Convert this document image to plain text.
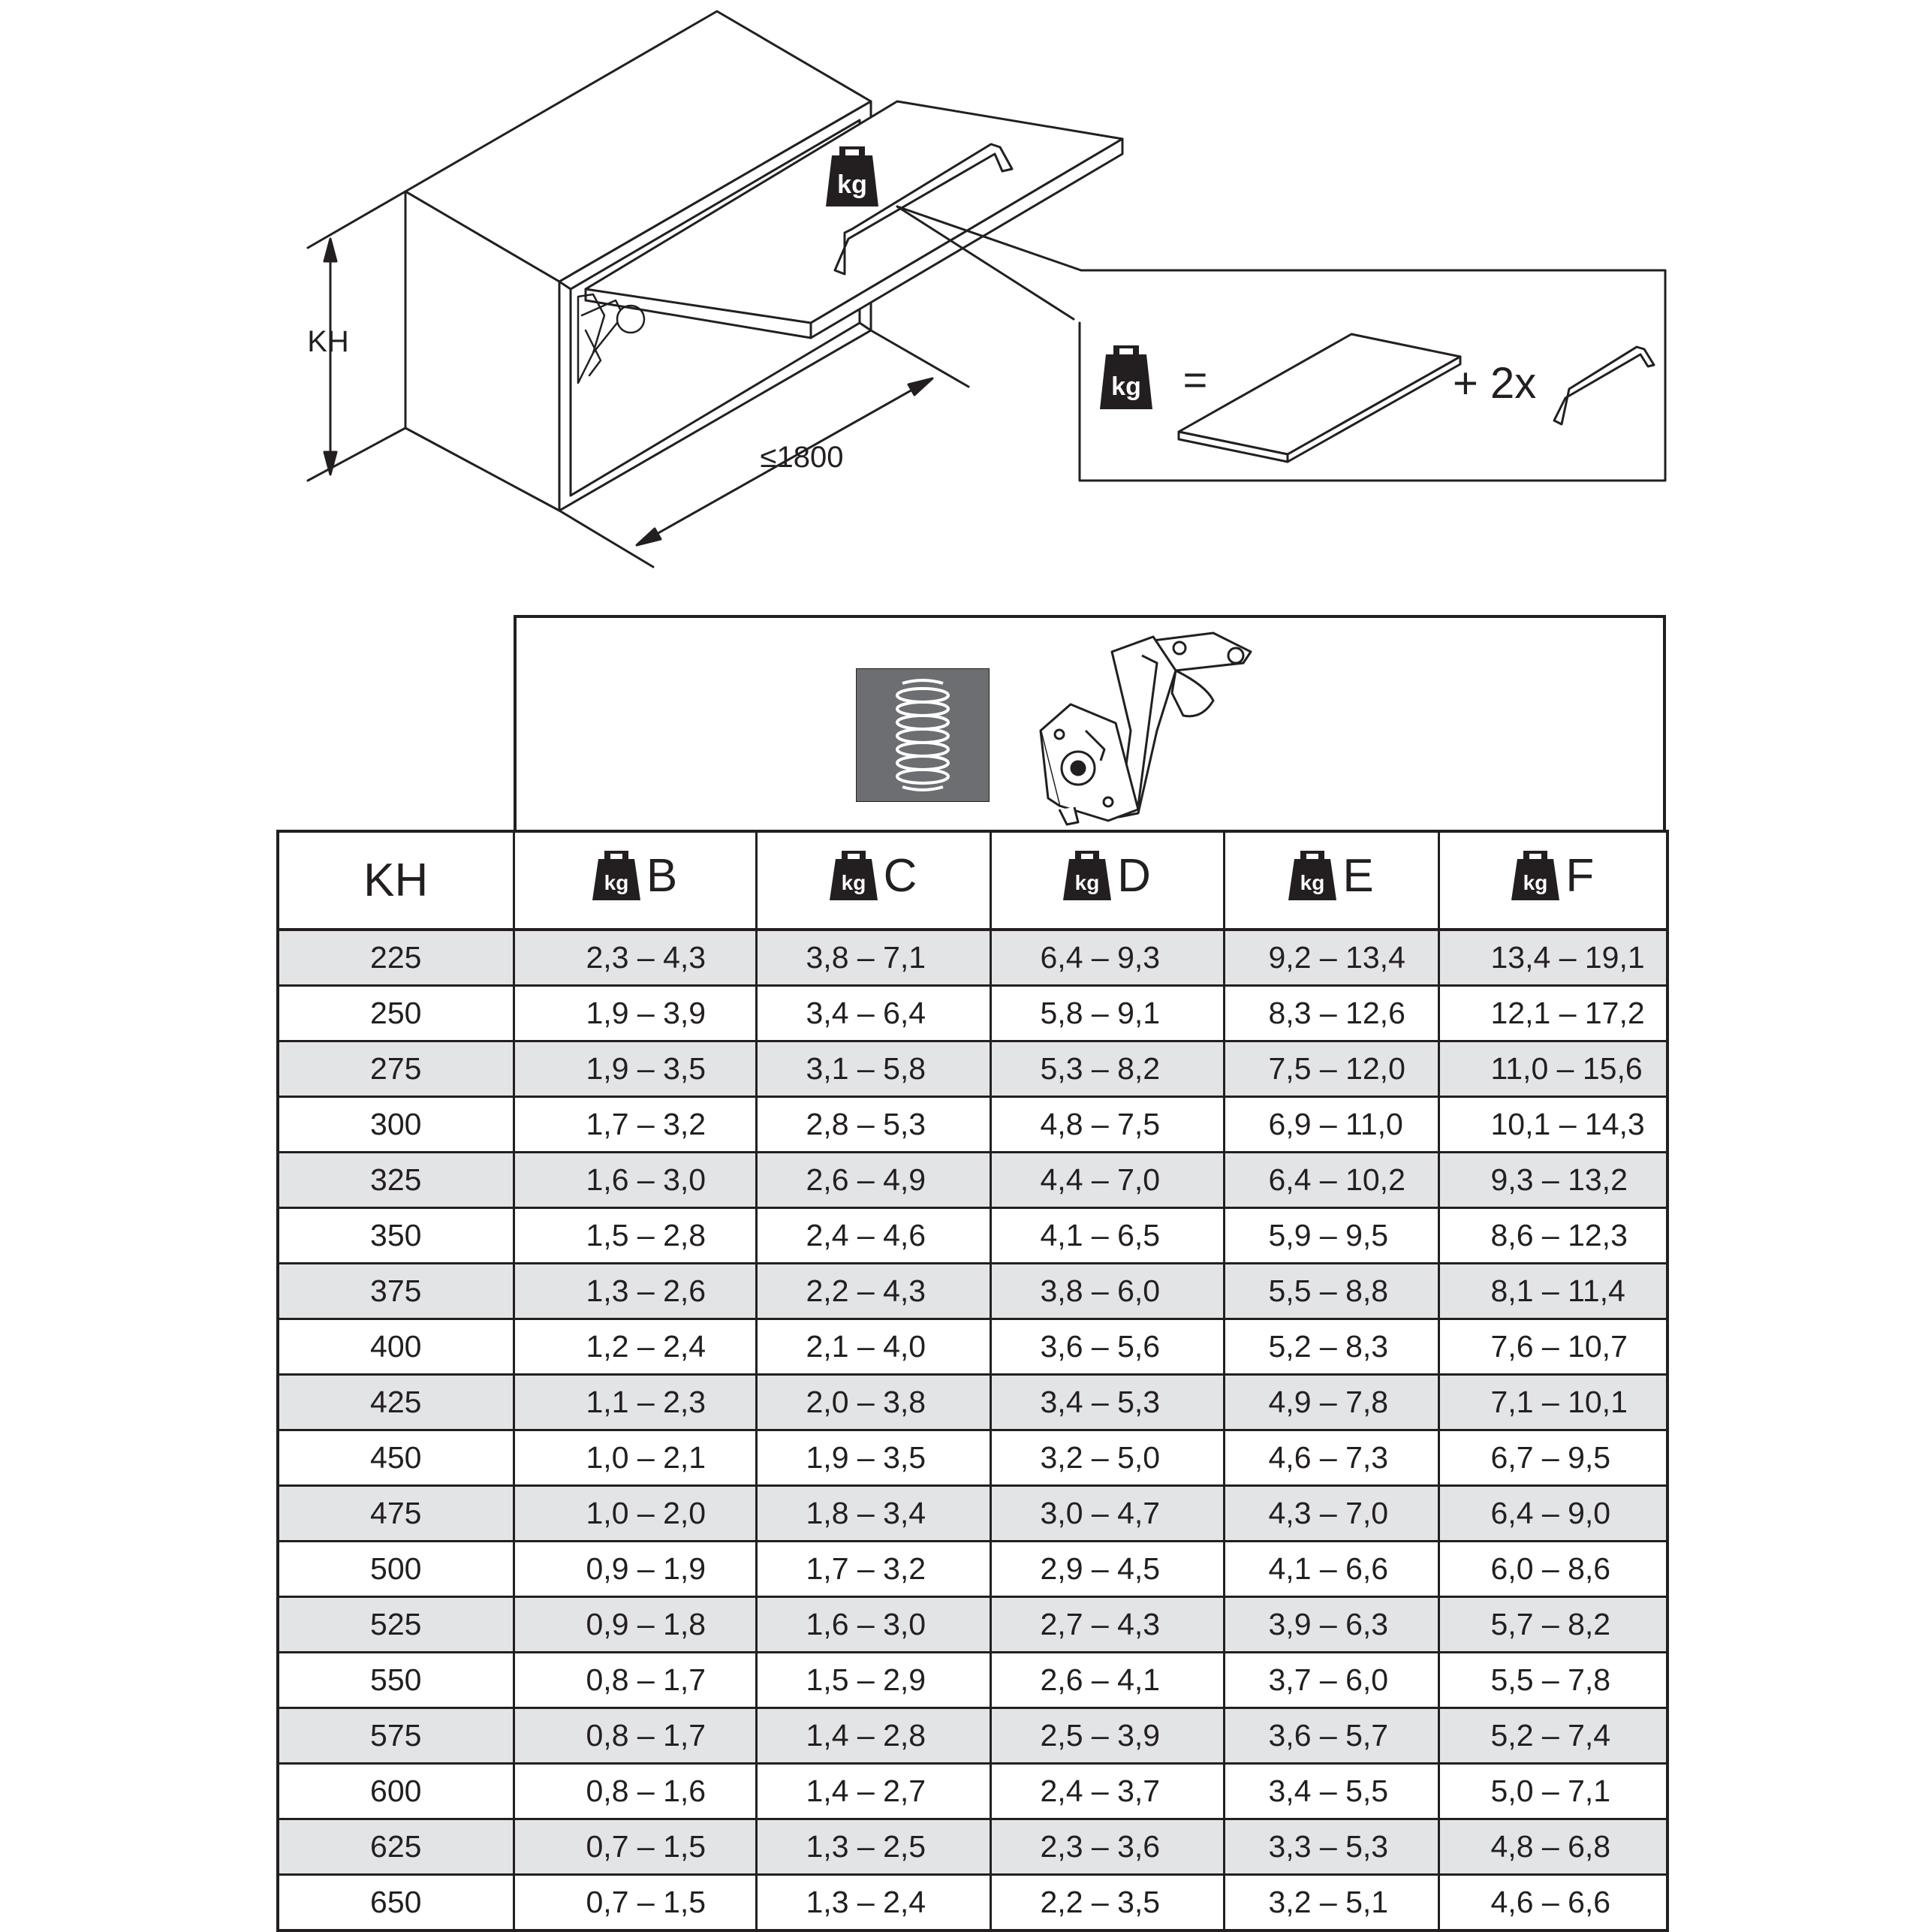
kg
kg
KH
≤1800
=	+ 2x
KH	kg B	kg C	kg D	kg E	kg F

225	2,3 – 4,3	3,8 – 7,1	6,4 – 9,3	9,2 – 13,4	13,4 – 19,1
250	1,9 – 3,9	3,4 – 6,4	5,8 – 9,1	8,3 – 12,6	12,1 – 17,2
275	1,9 – 3,5	3,1 – 5,8	5,3 – 8,2	7,5 – 12,0	11,0 – 15,6
300	1,7 – 3,2	2,8 – 5,3	4,8 – 7,5	6,9 – 11,0	10,1 – 14,3
325	1,6 – 3,0	2,6 – 4,9	4,4 – 7,0	6,4 – 10,2	9,3 – 13,2
350	1,5 – 2,8	2,4 – 4,6	4,1 – 6,5	5,9 – 9,5	8,6 – 12,3
375	1,3 – 2,6	2,2 – 4,3	3,8 – 6,0	5,5 – 8,8	8,1 – 11,4
400	1,2 – 2,4	2,1 – 4,0	3,6 – 5,6	5,2 – 8,3	7,6 – 10,7
425	1,1 – 2,3	2,0 – 3,8	3,4 – 5,3	4,9 – 7,8	7,1 – 10,1
450	1,0 – 2,1	1,9 – 3,5	3,2 – 5,0	4,6 – 7,3	6,7 – 9,5
475	1,0 – 2,0	1,8 – 3,4	3,0 – 4,7	4,3 – 7,0	6,4 – 9,0
500	0,9 – 1,9	1,7 – 3,2	2,9 – 4,5	4,1 – 6,6	6,0 – 8,6
525	0,9 – 1,8	1,6 – 3,0	2,7 – 4,3	3,9 – 6,3	5,7 – 8,2
550	0,8 – 1,7	1,5 – 2,9	2,6 – 4,1	3,7 – 6,0	5,5 – 7,8
575	0,8 – 1,7	1,4 – 2,8	2,5 – 3,9	3,6 – 5,7	5,2 – 7,4
600	0,8 – 1,6	1,4 – 2,7	2,4 – 3,7	3,4 – 5,5	5,0 – 7,1
625	0,7 – 1,5	1,3 – 2,5	2,3 – 3,6	3,3 – 5,3	4,8 – 6,8
650	0,7 – 1,5	1,3 – 2,4	2,2 – 3,5	3,2 – 5,1	4,6 – 6,6
